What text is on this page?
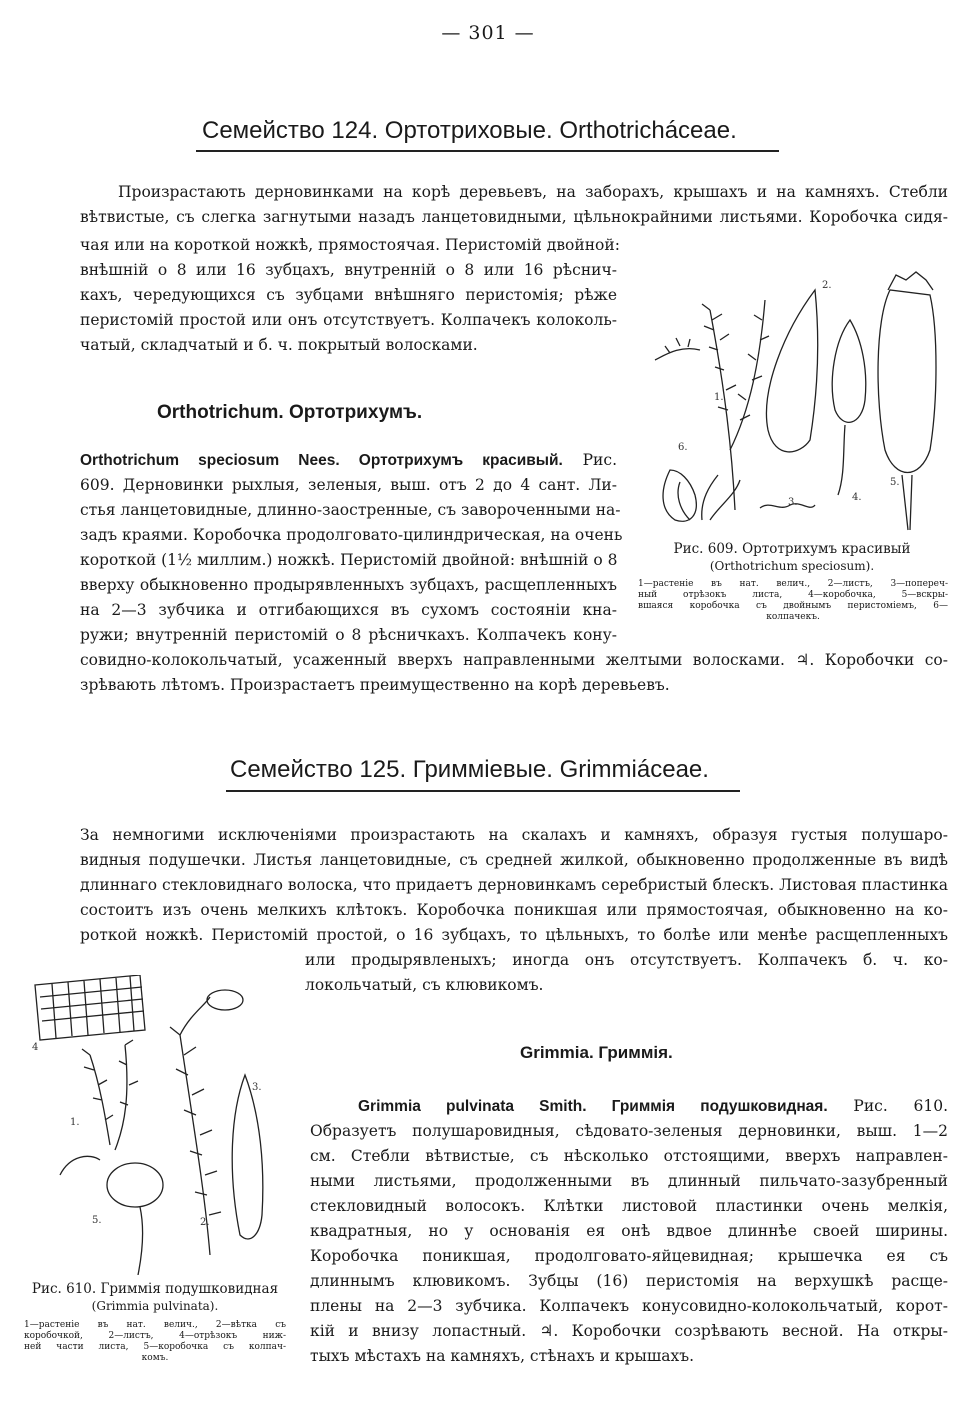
— 301 —
Семейство 124. Ортотриховые. Orthotrichácеae.
Произрастають дерновинками на корѣ деревьевъ, на заборахъ, крышахъ и на камняхъ. Стебли
вѣтвистые, съ слегка загнутыми назадъ ланцетовидными, цѣльнокрайними листьями. Коробочка сидя-
чая или на короткой ножкѣ, прямостоячая. Перистомій двойной:
внѣшній о 8 или 16 зубцахъ, внутренній о 8 или 16 рѣснич-
кахъ, чередующихся съ зубцами внѣшняго перистомія; рѣже
перистомій простой или онъ отсутствуетъ. Колпачекъ колоколь-
чатый, складчатый и б. ч. покрытый волосками.
Orthotrichum. Ортотрихумъ.
Orthotrichum speciosum Nees. Ортотрихумъ красивый. Рис.
609. Дерновинки рыхлыя, зеленыя, выш. отъ 2 до 4 сант. Ли-
стья ланцетовидные, длинно-заостренные, съ завороченными на-
задъ краями. Коробочка продолговато-цилиндрическая, на очень
короткой (1½ миллим.) ножкѣ. Перистомій двойной: внѣшній о 8
вверху обыкновенно продырявленныхъ зубцахъ, расщепленныхъ
на 2—3 зубчика и отгибающихся въ сухомъ состояніи кна-
ружи; внутренній перистомій о 8 рѣсничкахъ. Колпачекъ кону-
совидно-колокольчатый, усаженный вверхъ направленными желтыми волосками. ♃. Коробочки со-
зрѣвають лѣтомъ. Произрастаетъ преимущественно на корѣ деревьевъ.
1.
2.
3.	4.
5.
6.
Рис. 609. Ортотрихумъ красивый
(Orthotrichum speciosum).
1—растеніе въ нат. велич., 2—листъ, 3—попереч-
ный отрѣзокъ листа, 4—коробочка, 5—вскры-
вшаяся коробочка съ двойнымъ перистоміемъ, 6—
колпачекъ.
Семейство 125. Гримміевые. Grimmiáceae.
За немногими исключеніями произрастають на скалахъ и камняхъ, образуя густыя полушаро-
видныя подушечки. Листья ланцетовидные, съ средней жилкой, обыкновенно продолженные въ видѣ
длиннаго стекловиднаго волоска, что придаетъ дерновинкамъ серебристый блескъ. Листовая пластинка
состоитъ изъ очень мелкихъ клѣтокъ. Коробочка поникшая или прямостоячая, обыкновенно на ко-
роткой ножкѣ. Перистомій простой, о 16 зубцахъ, то цѣльныхъ, то болѣе или менѣе расщепленныхъ
или продырявленыхъ; иногда онъ отсутствуетъ. Колпачекъ б. ч. ко-
локольчатый, съ клювикомъ.
Grimmia. Гриммія.
Grimmia pulvinata Smith. Гриммія подушковидная. Рис. 610.
Образуетъ полушаровидныя, сѣдовато-зеленыя дерновинки, выш. 1—2
см. Стебли вѣтвистые, съ нѣсколько отстоящими, вверхъ направлен-
ными листьями, продолженными въ длинный пильчато-зазубренный
стекловидный волосокъ. Клѣтки листовой пластинки очень мелкія,
квадратныя, но у основанія ея онѣ вдвое длиннѣе своей ширины.
Коробочка поникшая, продолговато-яйцевидная; крышечка ея съ
длиннымъ клювикомъ. Зубцы (16) перистомія на верхушкѣ расще-
плены на 2—3 зубчика. Колпачекъ конусовидно-колокольчатый, корот-
кій и внизу лопастный. ♃. Коробочки созрѣвають весной. На откры-
тыхъ мѣстахъ на камняхъ, стѣнахъ и крышахъ.
1.
2.
3.
4
5.
Рис. 610. Гриммія подушковидная
(Grimmia pulvinata).
1—растеніе въ нат. велич., 2—вѣтка съ
коробочкой, 2—листъ, 4—отрѣзокъ ниж-
ней части листа, 5—коробочка съ колпач-
комъ.
